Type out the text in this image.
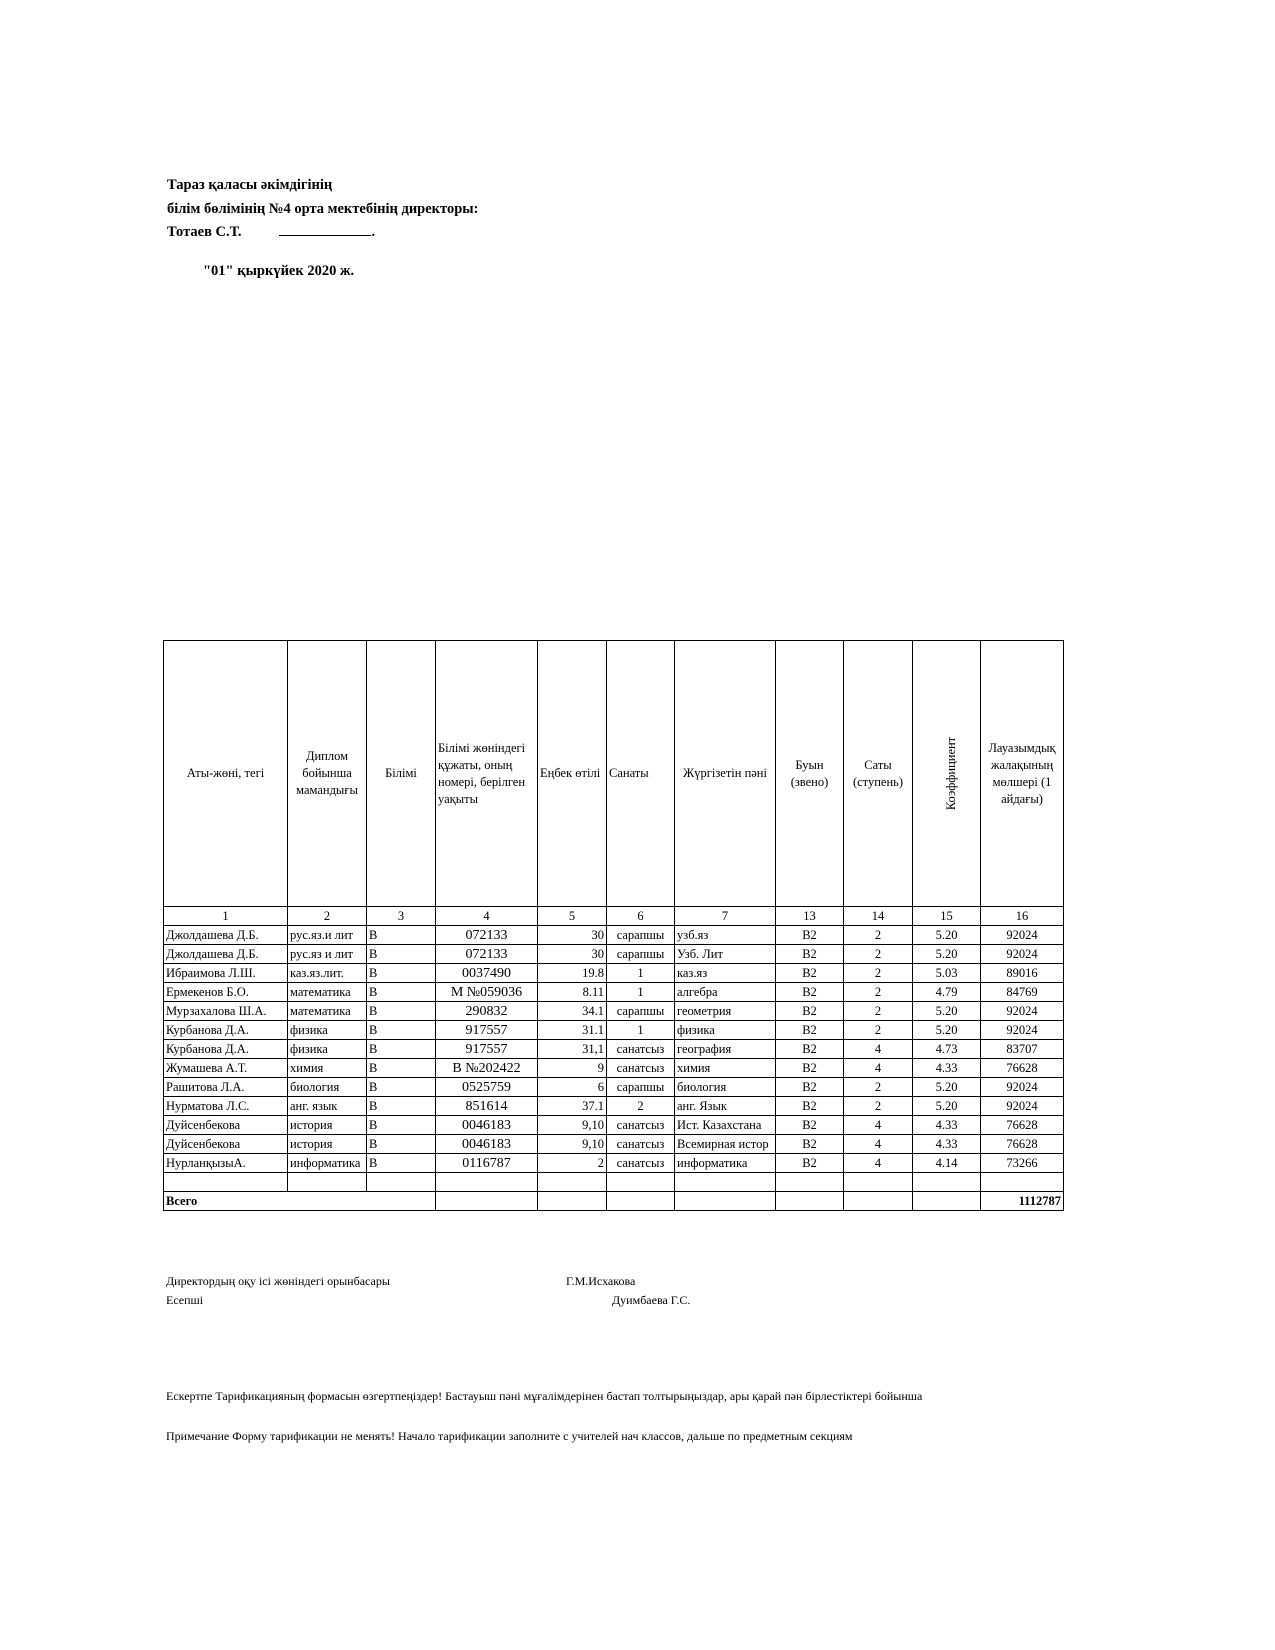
Тараз қаласы әкімдігінің
білім бөлімінің №4 орта мектебінің директоры:
Тотаев С.Т.	.
"01" қыркүйек 2020 ж.
Аты-жөні, тегі	Диплом бойынша мамандығы	Білімі	Білімі жөніндегі құжаты, оның номері, берілген уақыты	Еңбек өтілі	Санаты	Жүргізетін пәні	Буын (звено)	Саты (ступень)	Коэффициент	Лауазымдық жалақының мөлшері (1 айдағы)
1	2	3	4	5	6	7	13	14	15	16
Джолдашева Д.Б.	рус.яз.и лит	В	072133	30	сарапшы	узб.яз	В2	2	5.20	92024
Джолдашева Д.Б.	рус.яз и лит	В	072133	30	сарапшы	Узб. Лит	В2	2	5.20	92024
Ибраимова Л.Ш.	каз.яз.лит.	В	0037490	19.8	1	каз.яз	В2	2	5.03	89016
Ермекенов Б.О.	математика	В	М №059036	8.11	1	алгебра	В2	2	4.79	84769
Мурзахалова Ш.А.	математика	В	290832	34.1	сарапшы	геометрия	В2	2	5.20	92024
Курбанова Д.А.	физика	В	917557	31.1	1	физика	В2	2	5.20	92024
Курбанова Д.А.	физика	В	917557	31,1	санатсыз	география	В2	4	4.73	83707
Жумашева А.Т.	химия	В	В №202422	9	санатсыз	химия	В2	4	4.33	76628
Рашитова Л.А.	биология	В	0525759	6	сарапшы	биология	В2	2	5.20	92024
Нурматова Л.С.	анг. язык	В	851614	37.1	2	анг. Язык	В2	2	5.20	92024
Дуйсенбекова	история	В	0046183	9,10	санатсыз	Ист. Казахстана	В2	4	4.33	76628
Дуйсенбекова	история	В	0046183	9,10	санатсыз	Всемирная истор	В2	4	4.33	76628
НурланқызыА.	информатика	В	0116787	2	санатсыз	информатика	В2	4	4.14	73266

Всего										1112787
Директордың оқу ісі жөніндегі орынбасары	Г.М.Исхакова
Есепші	Дуимбаева Г.С.
Ескертпе Тарификацияның формасын өзгертпеңіздер! Бастауыш пәні мұғалімдерінен бастап толтырыңыздар, ары қарай пән бірлестіктері бойынша
Примечание Форму тарификации не менять! Начало тарификации заполните с учителей нач классов, дальше по предметным секциям
